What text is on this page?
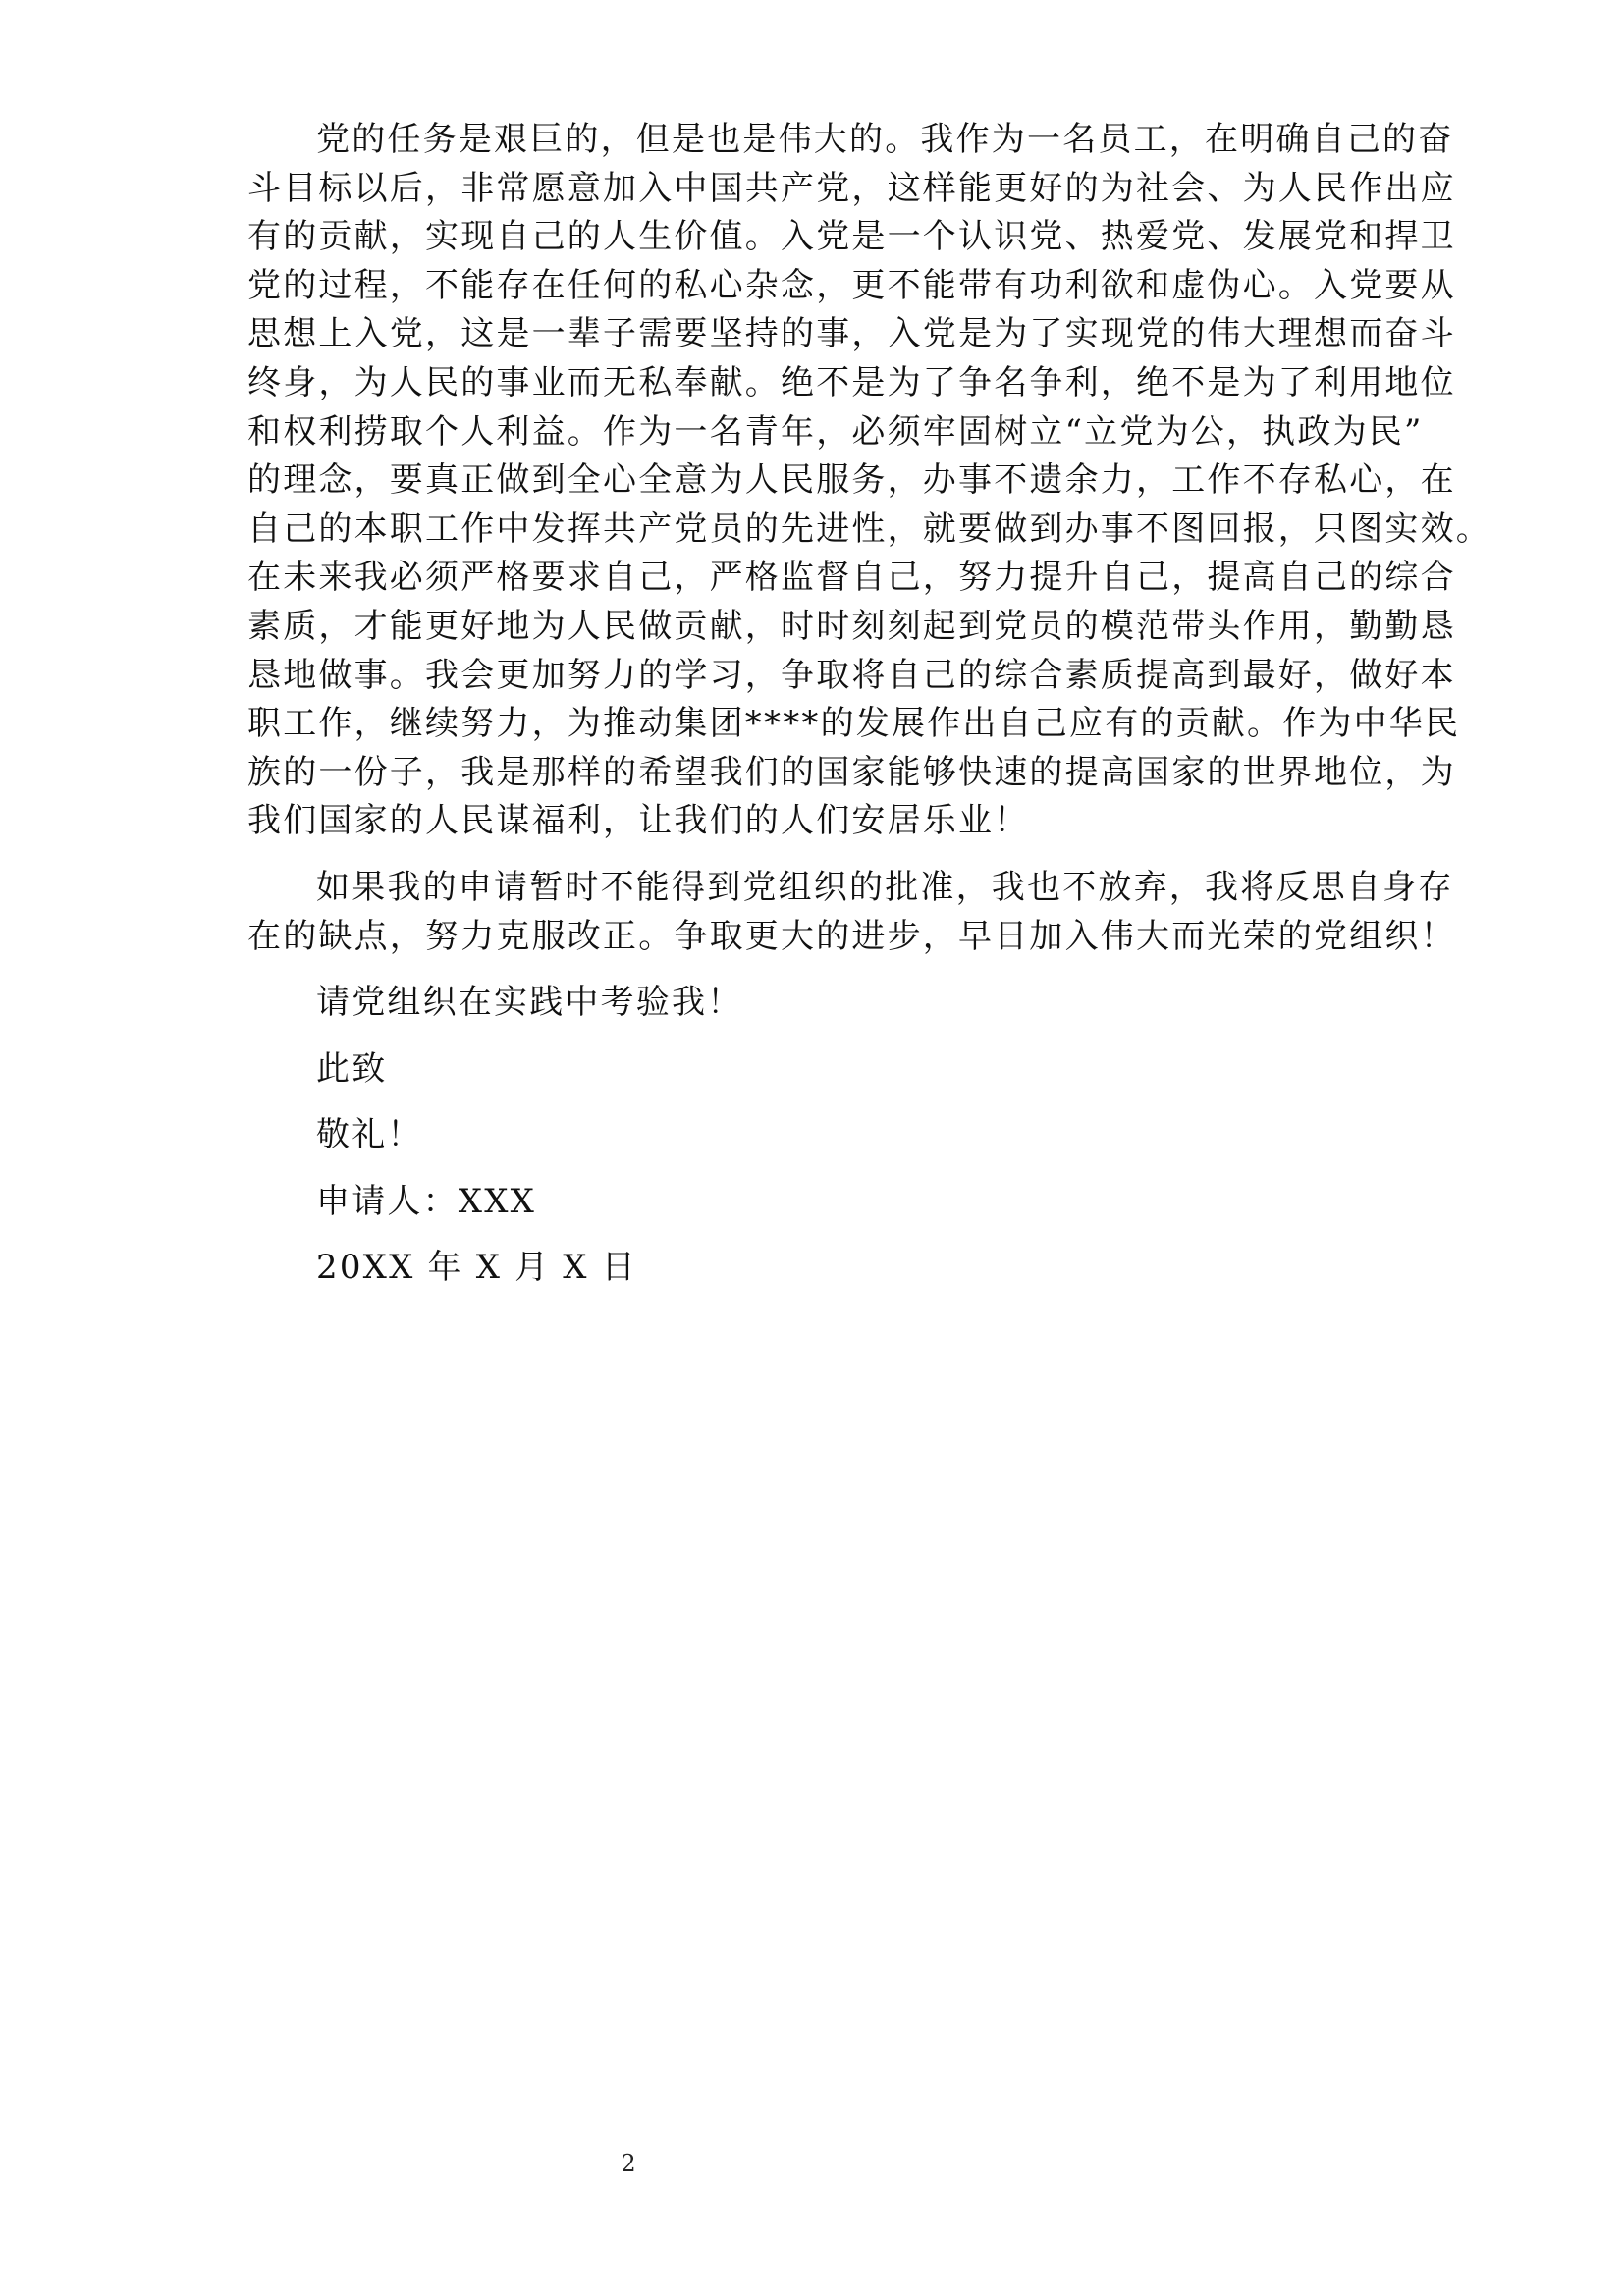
党的任务是艰巨的，但是也是伟大的。我作为一名员工，在明确自己的奋

斗目标以后，非常愿意加入中国共产党，这样能更好的为社会、为人民作出应

有的贡献，实现自己的人生价值。入党是一个认识党、热爱党、发展党和捍卫

党的过程，不能存在任何的私心杂念，更不能带有功利欲和虚伪心。入党要从

思想上入党，这是一辈子需要坚持的事，入党是为了实现党的伟大理想而奋斗

终身，为人民的事业而无私奉献。绝不是为了争名争利，绝不是为了利用地位

和权利捞取个人利益。作为一名青年，必须牢固树立“立党为公，执政为民”

的理念，要真正做到全心全意为人民服务，办事不遗余力，工作不存私心，在

自己的本职工作中发挥共产党员的先进性，就要做到办事不图回报，只图实效。

在未来我必须严格要求自己，严格监督自己，努力提升自己，提高自己的综合

素质，才能更好地为人民做贡献，时时刻刻起到党员的模范带头作用，勤勤恳

恳地做事。我会更加努力的学习，争取将自己的综合素质提高到最好，做好本

职工作，继续努力，为推动集团****的发展作出自己应有的贡献。作为中华民

族的一份子，我是那样的希望我们的国家能够快速的提高国家的世界地位，为

我们国家的人民谋福利，让我们的人们安居乐业！

如果我的申请暂时不能得到党组织的批准，我也不放弃，我将反思自身存

在的缺点，努力克服改正。争取更大的进步，早日加入伟大而光荣的党组织！

请党组织在实践中考验我！

此致

敬礼！

申请人：XXX

20XX 年 X 月 X 日

2
